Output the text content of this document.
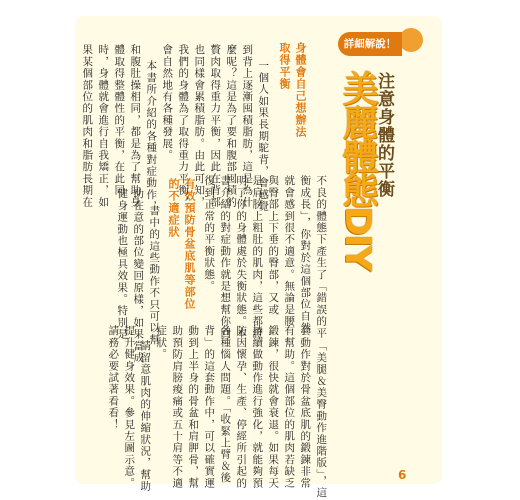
詳細解說！
注意身體的平衡
美麗體態DIY
不良的體態下產生了「錯誤的平
衡成長」，你對於這個部位自然
就會感到很不適意。無論是腰
與臀部上下垂的臀部，又或
是肩膀上粗肚的肌肉，這些都證
明了你的身體處於失衡狀態。本
書介紹的對症動作就是想幫你回
復到正常的平衡狀態。
有效預防骨盆底肌等部位
的不適症狀
書中的這些動作不只可以幫
助在意的部位變回原樣，如果當成
健身運動也極具效果。特別是
身體會自己想辦法
取得平衡
一個人如果長期駝背，會感覺
到背上逐漸囤積脂肪，這是為什
麼呢？這是為了要和腹部囤積的
贅肉取得重力平衡，因此在背部
也同樣會累積脂肪。由此可知，
我們的身體為了取得重力平衡，
會自然地有各種發展。
本書所介紹的各種對症動作，
和腹肚操相同，都是為了幫助身
體取得整體性的平衡，在此同
時，身體就會進行自我矯正，如
果某個部位的肌肉和脂肪長期在
「美腿＆美臀動作進階版」，這
套動作對於骨盆底肌的鍛鍊非常
有幫助。這個部位的肌肉若缺乏
鍛鍊，很快就會衰退。如果每天
持續做動作進行強化，就能夠預
防因懷孕、生產、停經所引起的
各種惱人問題。「收緊上臂＆後
背」的這套動作中，可以確實運
動到上半身的骨盆和肩胛骨，幫
助預防肩膀痠痛或五十肩等不適
症狀。
請留意肌肉的伸縮狀況，幫助
提升健身效果。參見左圖示意。
請務必要試著看看！
6
